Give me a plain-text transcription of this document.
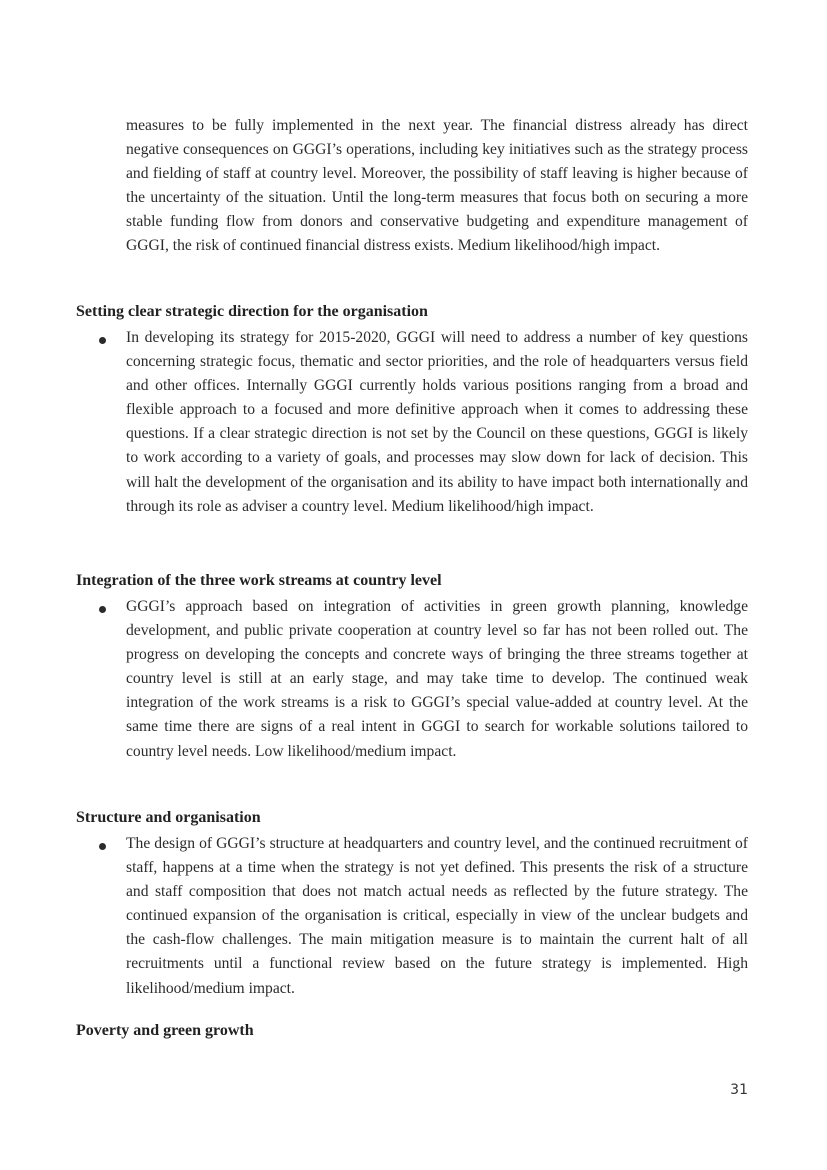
measures to be fully implemented in the next year. The financial distress already has direct negative consequences on GGGI’s operations, including key initiatives such as the strategy process and fielding of staff at country level. Moreover, the possibility of staff leaving is higher because of the uncertainty of the situation. Until the long-term measures that focus both on securing a more stable funding flow from donors and conservative budgeting and expenditure management of GGGI, the risk of continued financial distress exists. Medium likelihood/high impact.

Setting clear strategic direction for the organisation

In developing its strategy for 2015-2020, GGGI will need to address a number of key questions concerning strategic focus, thematic and sector priorities, and the role of headquarters versus field and other offices. Internally GGGI currently holds various positions ranging from a broad and flexible approach to a focused and more definitive approach when it comes to addressing these questions. If a clear strategic direction is not set by the Council on these questions, GGGI is likely to work according to a variety of goals, and processes may slow down for lack of decision. This will halt the development of the organisation and its ability to have impact both internationally and through its role as adviser a country level. Medium likelihood/high impact.

Integration of the three work streams at country level

GGGI’s approach based on integration of activities in green growth planning, knowledge development, and public private cooperation at country level so far has not been rolled out. The progress on developing the concepts and concrete ways of bringing the three streams together at country level is still at an early stage, and may take time to develop. The continued weak integration of the work streams is a risk to GGGI’s special value-added at country level. At the same time there are signs of a real intent in GGGI to search for workable solutions tailored to country level needs. Low likelihood/medium impact.

Structure and organisation

The design of GGGI’s structure at headquarters and country level, and the continued recruitment of staff, happens at a time when the strategy is not yet defined. This presents the risk of a structure and staff composition that does not match actual needs as reflected by the future strategy. The continued expansion of the organisation is critical, especially in view of the unclear budgets and the cash-flow challenges. The main mitigation measure is to maintain the current halt of all recruitments until a functional review based on the future strategy is implemented. High likelihood/medium impact.

Poverty and green growth
31
